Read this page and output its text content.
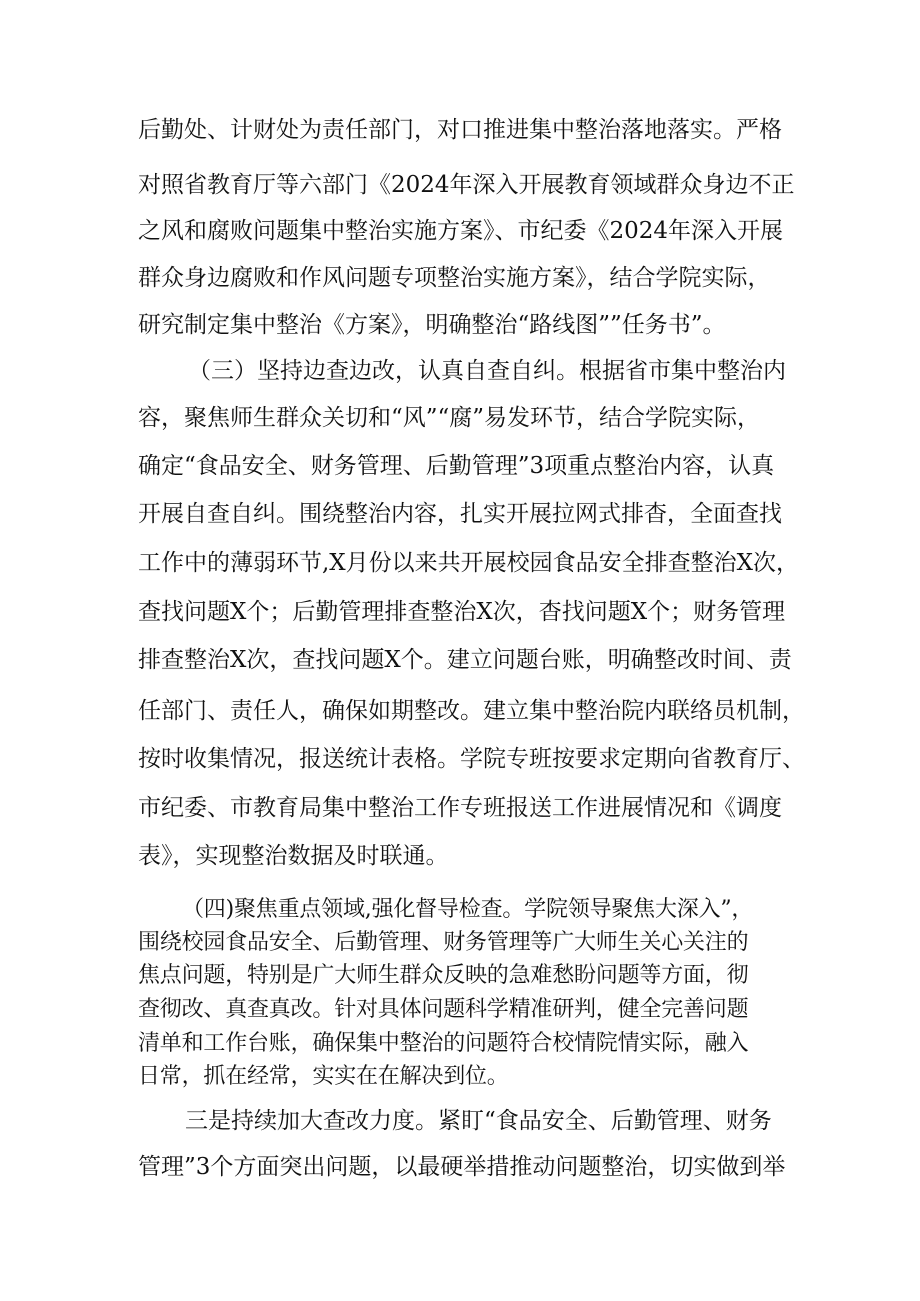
后勤处、计财处为责任部门，对口推进集中整治落地落实。严格
对照省教育厅等六部门《2024年深入开展教育领域群众身边不正
之风和腐败问题集中整治实施方案》、市纪委《2024年深入开展
群众身边腐败和作风问题专项整治实施方案》，结合学院实际，
研究制定集中整治《方案》，明确整治“路线图””任务书”。
（三）坚持边查边改，认真自查自纠。根据省市集中整治内
容，聚焦师生群众关切和“风”“腐”易发环节，结合学院实际，
确定“食品安全、财务管理、后勤管理”3项重点整治内容，认真
开展自查自纠。围绕整治内容，扎实开展拉网式排杳，全面查找
工作中的薄弱环节,X月份以来共开展校园食品安全排查整治X次，
查找问题X个；后勤管理排查整治X次，杳找问题X个；财务管理
排查整治X次，查找问题X个。建立问题台账，明确整改时间、责
任部门、责任人，确保如期整改。建立集中整治院内联络员机制，
按时收集情况，报送统计表格。学院专班按要求定期向省教育厅、
市纪委、市教育局集中整治工作专班报送工作进展情况和《调度
表》，实现整治数据及时联通。
（四)聚焦重点领域,强化督导检查。学院领导聚焦大深入”，
围绕校园食品安全、后勤管理、财务管理等广大师生关心关注的
焦点问题，特别是广大师生群众反映的急难愁盼问题等方面，彻
查彻改、真查真改。针对具体问题科学精准研判，健全完善问题
清单和工作台账，确保集中整治的问题符合校情院情实际，融入
日常，抓在经常，实实在在解决到位。
三是持续加大查改力度。紧盯“食品安全、后勤管理、财务
管理”3个方面突出问题，以最硬举措推动问题整治，切实做到举
